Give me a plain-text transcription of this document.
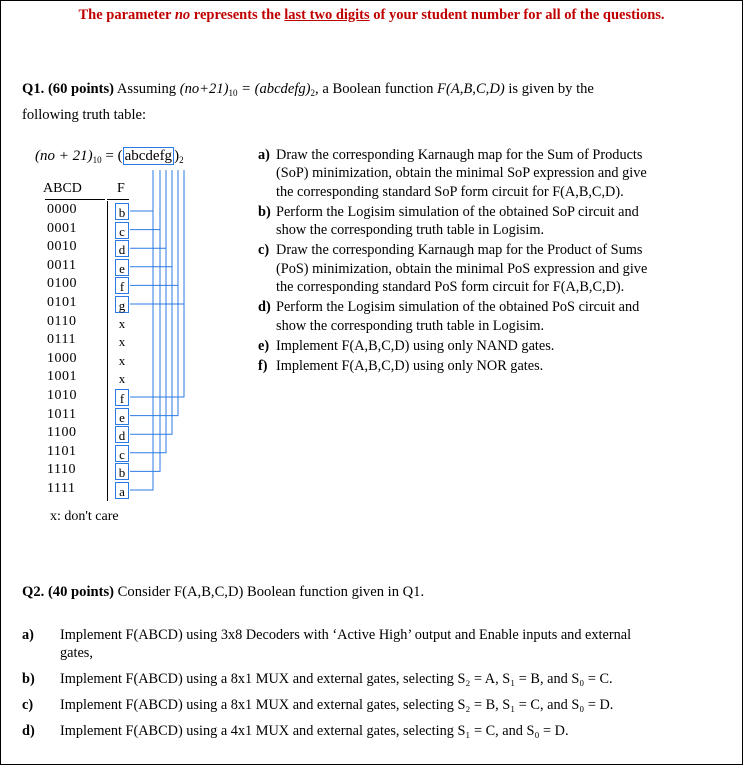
The parameter no represents the last two digits of your student number for all of the questions.
Q1. (60 points) Assuming $(no+21)_{10}$ = $(abcdefg)_2$, a Boolean function F(A,B,C,D) is given by the
following truth table:
$(no + 21)_{10}$ = ( abcdefg )$_2$
ABCD	F
0000	b
0001	c
0010	d
0011	e
0100	f
0101	g
0110	x
0111	x
1000	x
1001	x
1010	f
1011	e
1100	d
1101	c
1110	b
1111	a
x: don't care
a) Draw the corresponding Karnaugh map for the Sum of Products
(SoP) minimization, obtain the minimal SoP expression and give
the corresponding standard SoP form circuit for F(A,B,C,D).
b) Perform the Logisim simulation of the obtained SoP circuit and
show the corresponding truth table in Logisim.
c) Draw the corresponding Karnaugh map for the Product of Sums
(PoS) minimization, obtain the minimal PoS expression and give
the corresponding standard PoS form circuit for F(A,B,C,D).
d) Perform the Logisim simulation of the obtained PoS circuit and
show the corresponding truth table in Logisim.
e) Implement F(A,B,C,D) using only NAND gates.
f) Implement F(A,B,C,D) using only NOR gates.
Q2. (40 points) Consider F(A,B,C,D) Boolean function given in Q1.
a) Implement F(ABCD) using 3x8 Decoders with ‘Active High’ output and Enable inputs and external
gates,
b) Implement F(ABCD) using a 8x1 MUX and external gates, selecting S₂ = A, S₁ = B, and S₀ = C.
c) Implement F(ABCD) using a 8x1 MUX and external gates, selecting S₂ = B, S₁ = C, and S₀ = D.
d) Implement F(ABCD) using a 4x1 MUX and external gates, selecting S₁ = C, and S₀ = D.
